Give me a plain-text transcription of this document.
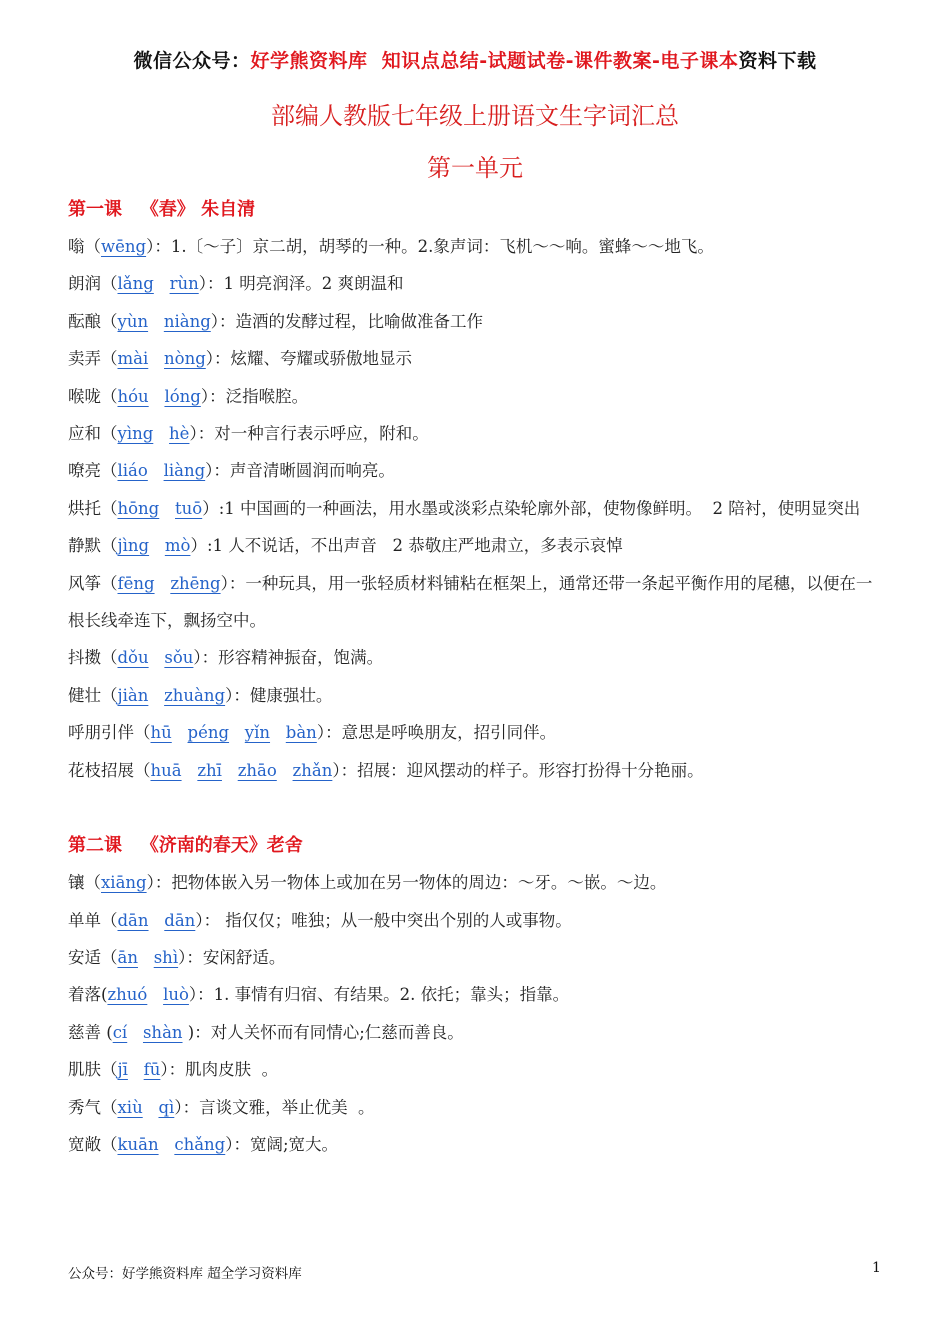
微信公众号：好学熊资料库  知识点总结-试题试卷-课件教案-电子课本资料下载
部编人教版七年级上册语文生字词汇总
第一单元
第一课   《春》 朱自清
嗡（wēng）：1.〔～子〕京二胡，胡琴的一种。2.象声词：飞机～～响。蜜蜂～～地飞。
朗润（lǎng rùn）：1 明亮润泽。2 爽朗温和
酝酿（yùn niàng）：造酒的发酵过程，比喻做准备工作
卖弄（mài nòng）：炫耀、夸耀或骄傲地显示
喉咙（hóu lóng）：泛指喉腔。
应和（yìng hè）：对一种言行表示呼应，附和。
嘹亮（liáo liàng）：声音清晰圆润而响亮。
烘托（hōng tuō）:1 中国画的一种画法，用水墨或淡彩点染轮廓外部，使物像鲜明。  2 陪衬，使明显突出
静默（jìng mò）:1 人不说话，不出声音   2 恭敬庄严地肃立，多表示哀悼
风筝（fēng zhēng）：一种玩具，用一张轻质材料铺粘在框架上，通常还带一条起平衡作用的尾穗，以便在一根长线牵连下，飘扬空中。
抖擞（dǒu sǒu）：形容精神振奋，饱满。
健壮（jiàn zhuàng）：健康强壮。
呼朋引伴（hū péng yǐn bàn）：意思是呼唤朋友，招引同伴。
花枝招展（huā zhī zhāo zhǎn）：招展：迎风摆动的样子。形容打扮得十分艳丽。
第二课   《济南的春天》老舍
镶（xiāng）：把物体嵌入另一物体上或加在另一物体的周边：～牙。～嵌。～边。
单单（dān dān）： 指仅仅；唯独；从一般中突出个别的人或事物。
安适（ān shì）：安闲舒适。
着落(zhuó luò）：1. 事情有归宿、有结果。2. 依托；靠头；指靠。
慈善 (cí shàn )：对人关怀而有同情心;仁慈而善良。
肌肤（jī fū）：肌肉皮肤  。
秀气（xiù qì）：言谈文雅，举止优美  。
宽敞（kuān chǎng）：宽阔;宽大。
公众号：好学熊资料库 超全学习资料库	1
